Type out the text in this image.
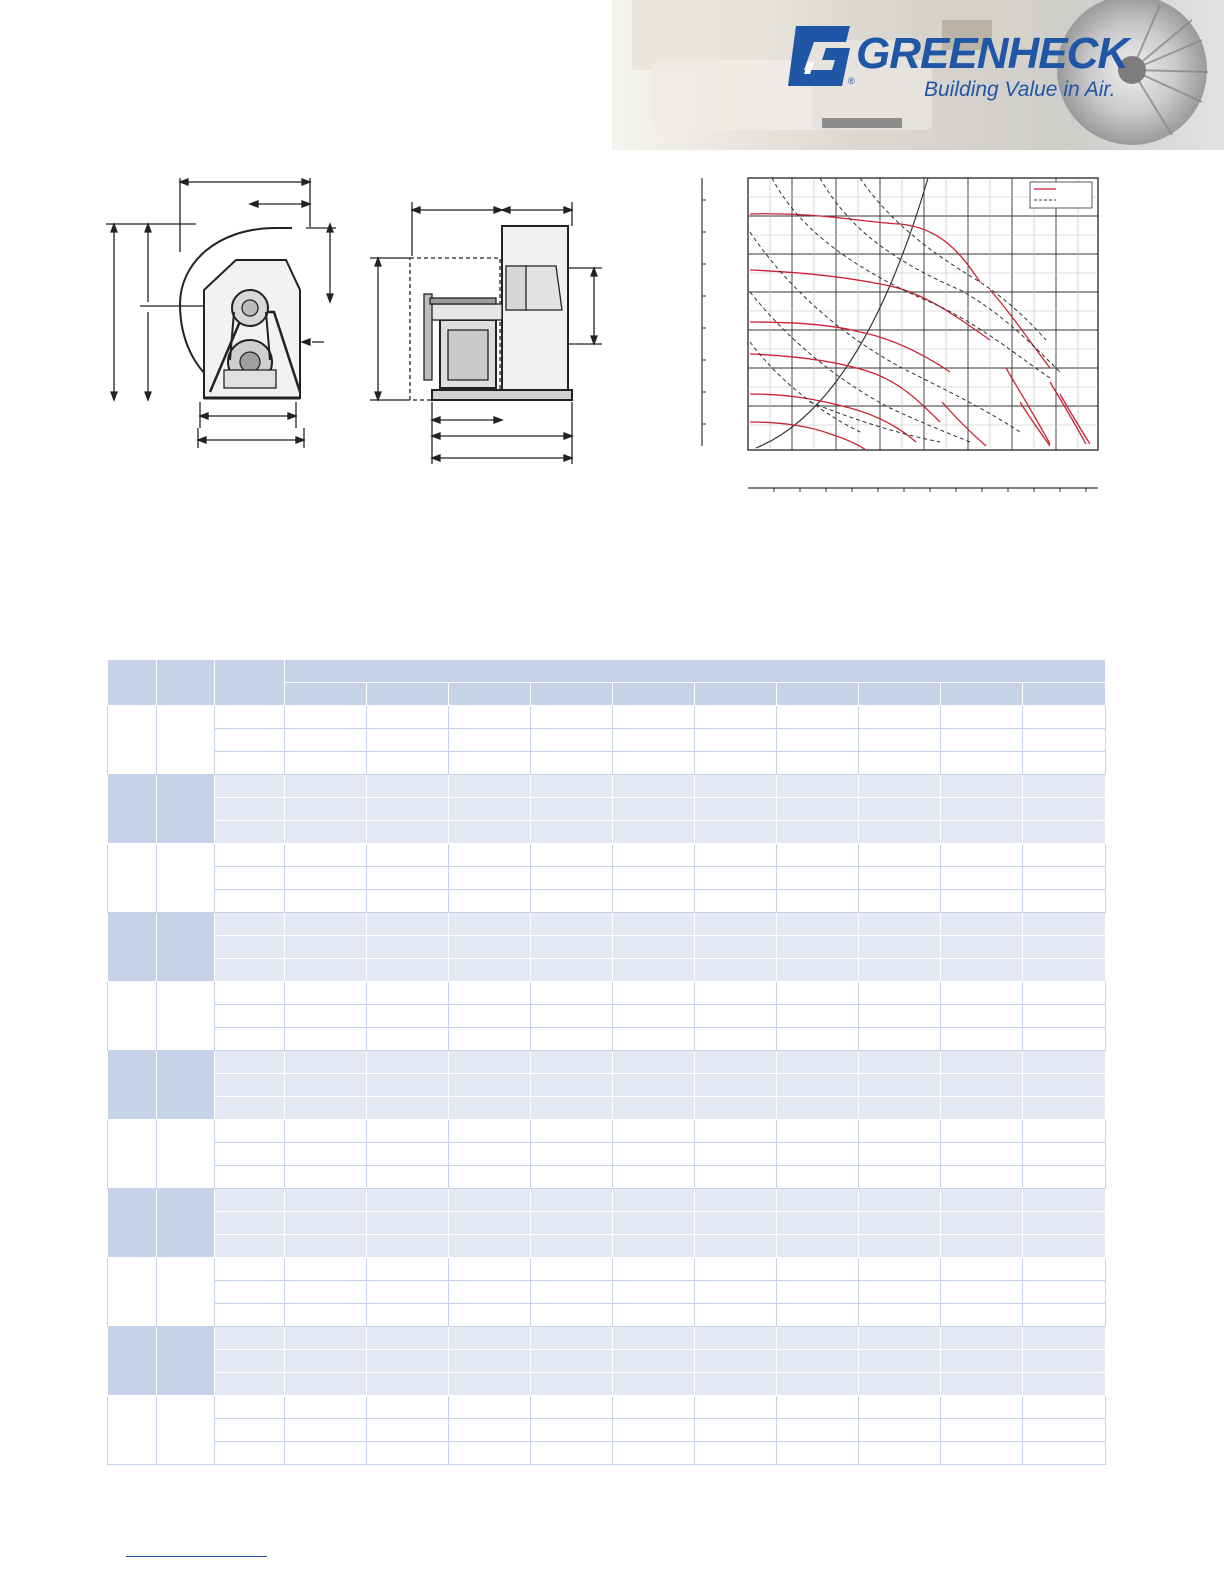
®
GREENHECK
Building Value in Air.
